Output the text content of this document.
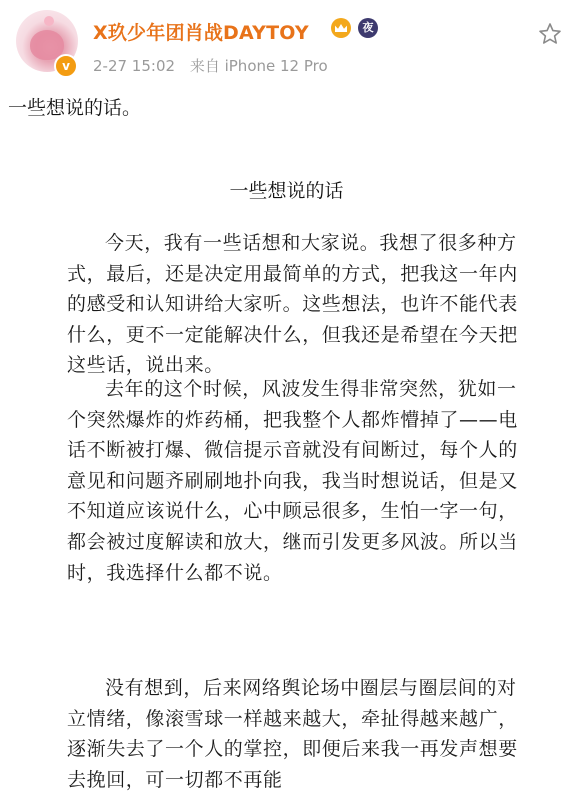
v
X玖少年团肖战DAYTOY	夜
2-27 15:02 来自 iPhone 12 Pro
一些想说的话。
一些想说的话

今天，我有一些话想和大家说。我想了很多种方式，最后，还是决定用最简单的方式，把我这一年内的感受和认知讲给大家听。这些想法，也许不能代表什么，更不一定能解决什么，但我还是希望在今天把这些话，说出来。

去年的这个时候，风波发生得非常突然，犹如一个突然爆炸的炸药桶，把我整个人都炸懵掉了——电话不断被打爆、微信提示音就没有间断过，每个人的意见和问题齐刷刷地扑向我，我当时想说话，但是又不知道应该说什么，心中顾忌很多，生怕一字一句，都会被过度解读和放大，继而引发更多风波。所以当时，我选择什么都不说。

没有想到，后来网络舆论场中圈层与圈层间的对立情绪，像滚雪球一样越来越大，牵扯得越来越广，逐渐失去了一个人的掌控，即便后来我一再发声想要去挽回，可一切都不再能
